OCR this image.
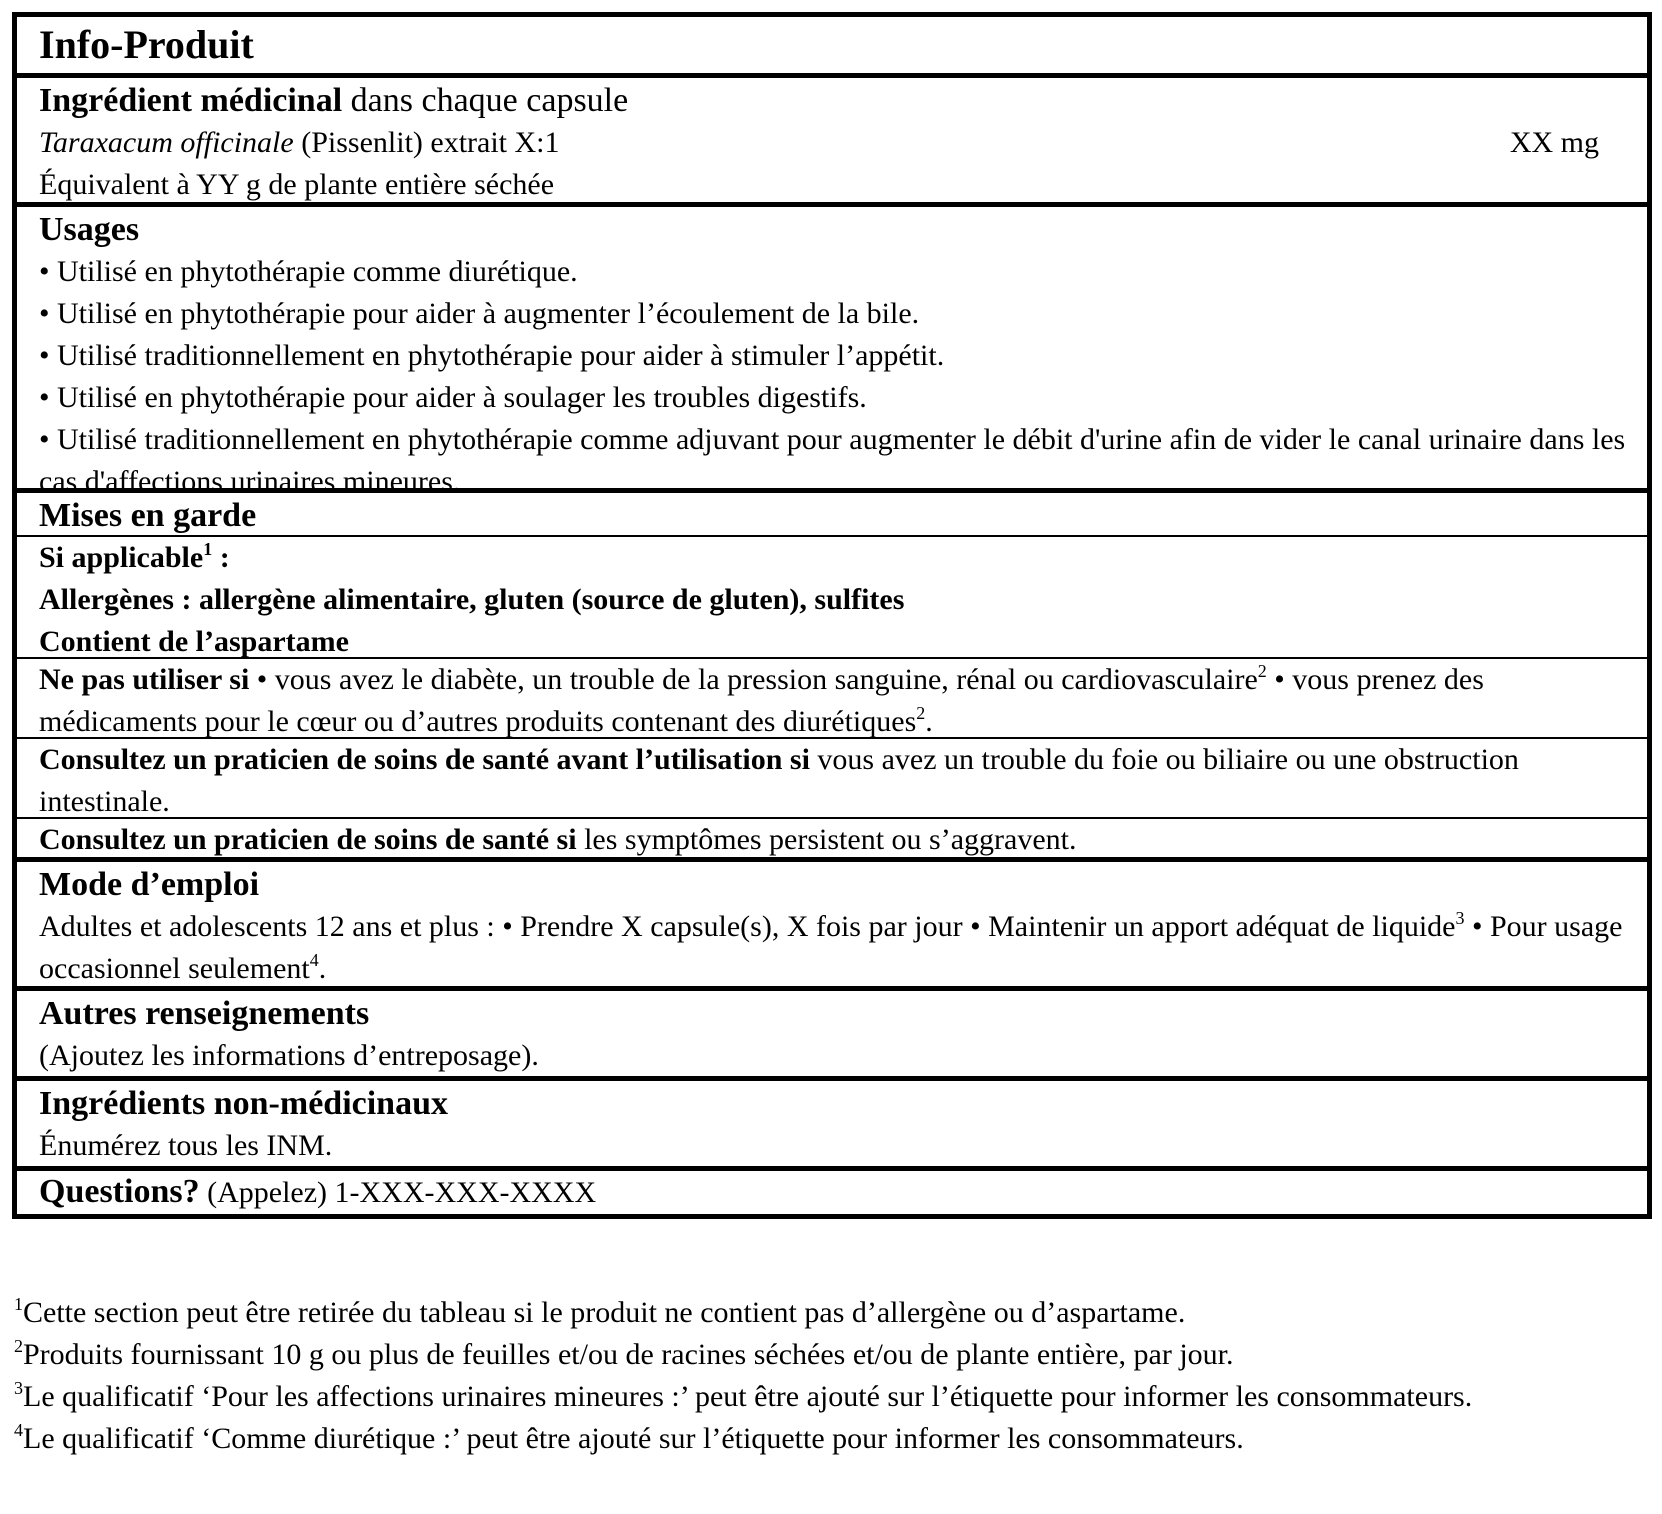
Info-Produit
Ingrédient médicinal dans chaque capsule
Taraxacum officinale (Pissenlit) extrait X:1	XX mg
Équivalent à YY g de plante entière séchée
Usages
• Utilisé en phytothérapie comme diurétique.
• Utilisé en phytothérapie pour aider à augmenter l’écoulement de la bile.
• Utilisé traditionnellement en phytothérapie pour aider à stimuler l’appétit.
• Utilisé en phytothérapie pour aider à soulager les troubles digestifs.
• Utilisé traditionnellement en phytothérapie comme adjuvant pour augmenter le débit d'urine afin de vider le canal urinaire dans les cas d'affections urinaires mineures.
Mises en garde
Si applicable$^1$ :
Allergènes : allergène alimentaire, gluten (source de gluten), sulfites
Contient de l’aspartame
Ne pas utiliser si • vous avez le diabète, un trouble de la pression sanguine, rénal ou cardiovasculaire$^2$ • vous prenez des médicaments pour le cœur ou d’autres produits contenant des diurétiques$^2$.
Consultez un praticien de soins de santé avant l’utilisation si vous avez un trouble du foie ou biliaire ou une obstruction intestinale.
Consultez un praticien de soins de santé si les symptômes persistent ou s’aggravent.
Mode d’emploi
Adultes et adolescents 12 ans et plus : • Prendre X capsule(s), X fois par jour • Maintenir un apport adéquat de liquide$^3$ • Pour usage occasionnel seulement$^4$.
Autres renseignements
(Ajoutez les informations d’entreposage).
Ingrédients non-médicinaux
Énumérez tous les INM.
Questions? (Appelez) 1-XXX-XXX-XXXX
$^1$Cette section peut être retirée du tableau si le produit ne contient pas d’allergène ou d’aspartame.
$^2$Produits fournissant 10 g ou plus de feuilles et/ou de racines séchées et/ou de plante entière, par jour.
$^3$Le qualificatif ‘Pour les affections urinaires mineures :’ peut être ajouté sur l’étiquette pour informer les consommateurs.
$^4$Le qualificatif ‘Comme diurétique :’ peut être ajouté sur l’étiquette pour informer les consommateurs.
